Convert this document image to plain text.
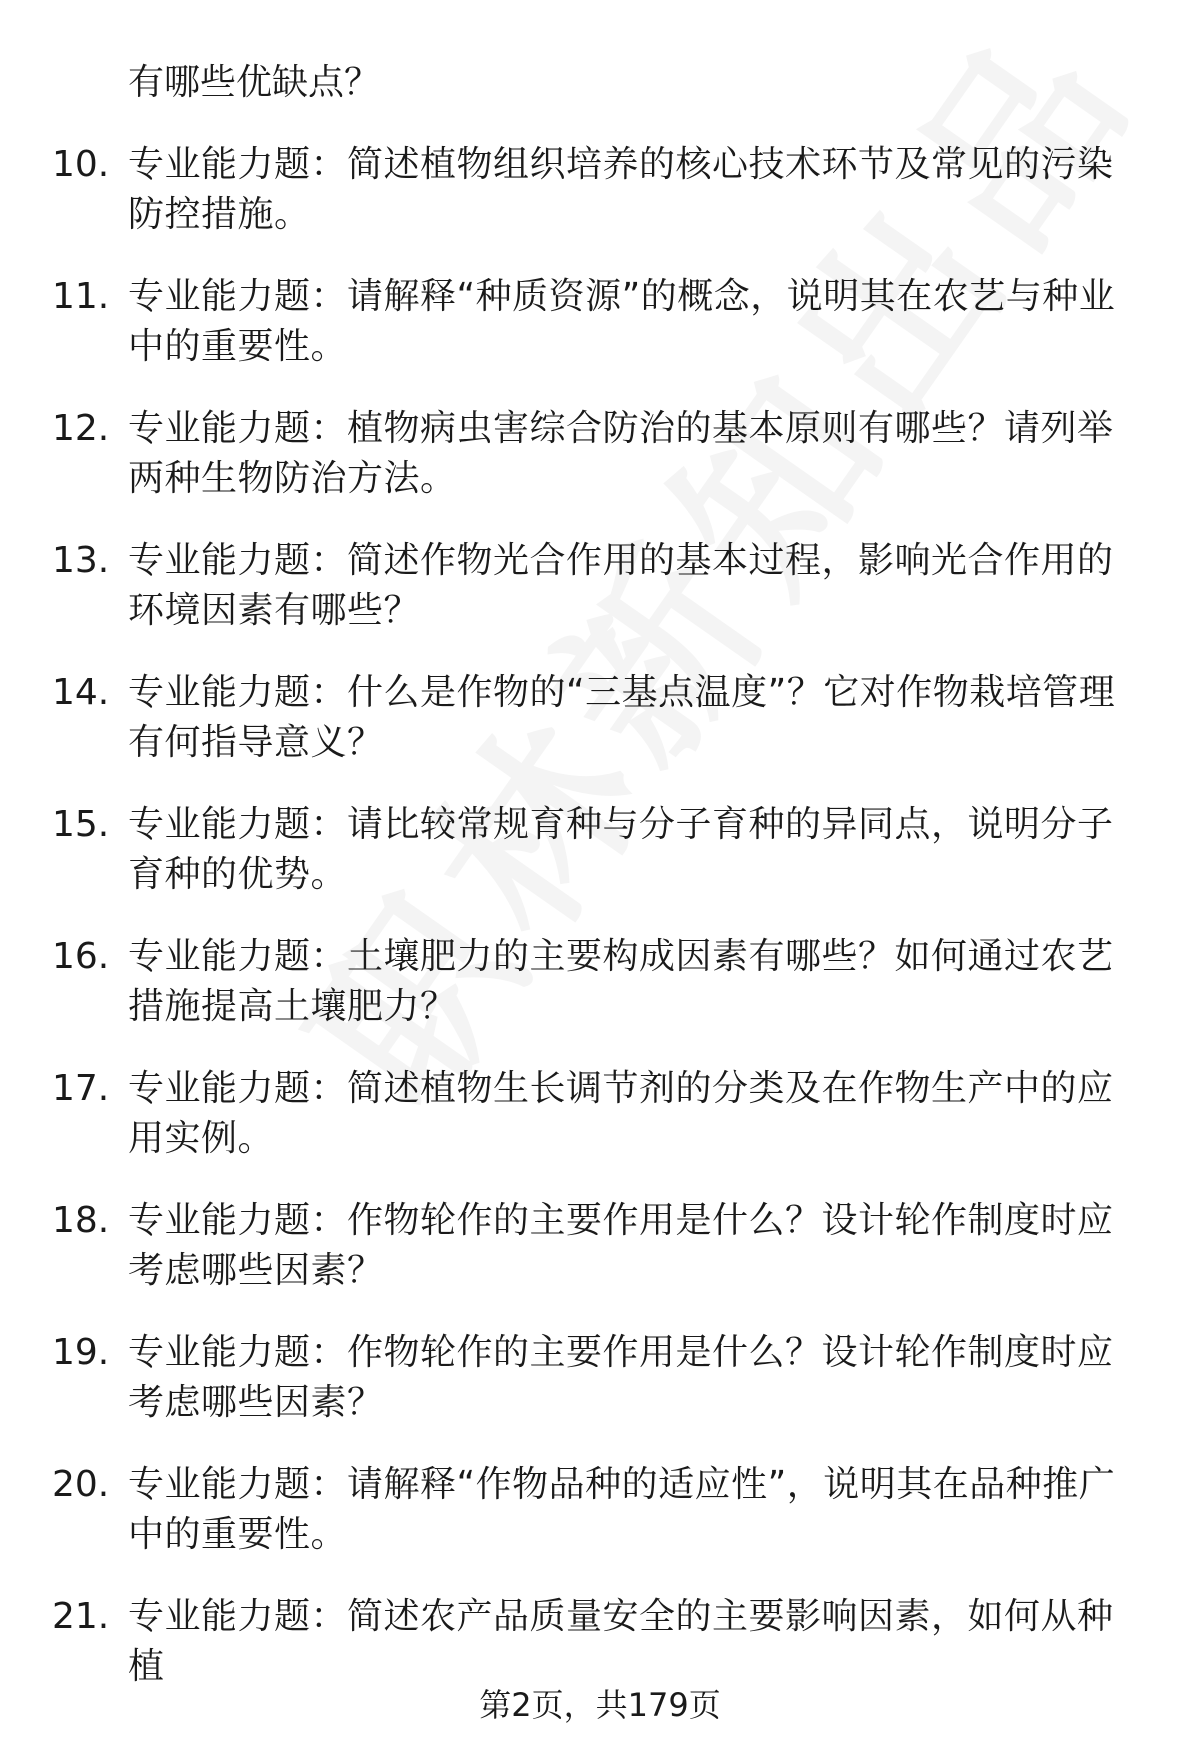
有哪些优缺点？

10. 专业能力题：简述植物组织培养的核心技术环节及常见的污染防控措施。
11. 专业能力题：请解释“种质资源”的概念，说明其在农艺与种业中的重要性。
12. 专业能力题：植物病虫害综合防治的基本原则有哪些？请列举两种生物防治方法。
13. 专业能力题：简述作物光合作用的基本过程，影响光合作用的环境因素有哪些？
14. 专业能力题：什么是作物的“三基点温度”？它对作物栽培管理有何指导意义？
15. 专业能力题：请比较常规育种与分子育种的异同点，说明分子育种的优势。
16. 专业能力题：土壤肥力的主要构成因素有哪些？如何通过农艺措施提高土壤肥力？
17. 专业能力题：简述植物生长调节剂的分类及在作物生产中的应用实例。
18. 专业能力题：作物轮作的主要作用是什么？设计轮作制度时应考虑哪些因素？
19. 专业能力题：作物轮作的主要作用是什么？设计轮作制度时应考虑哪些因素？
20. 专业能力题：请解释“作物品种的适应性”，说明其在品种推广中的重要性。
21. 专业能力题：简述农产品质量安全的主要影响因素，如何从种植
第2页，共179页
